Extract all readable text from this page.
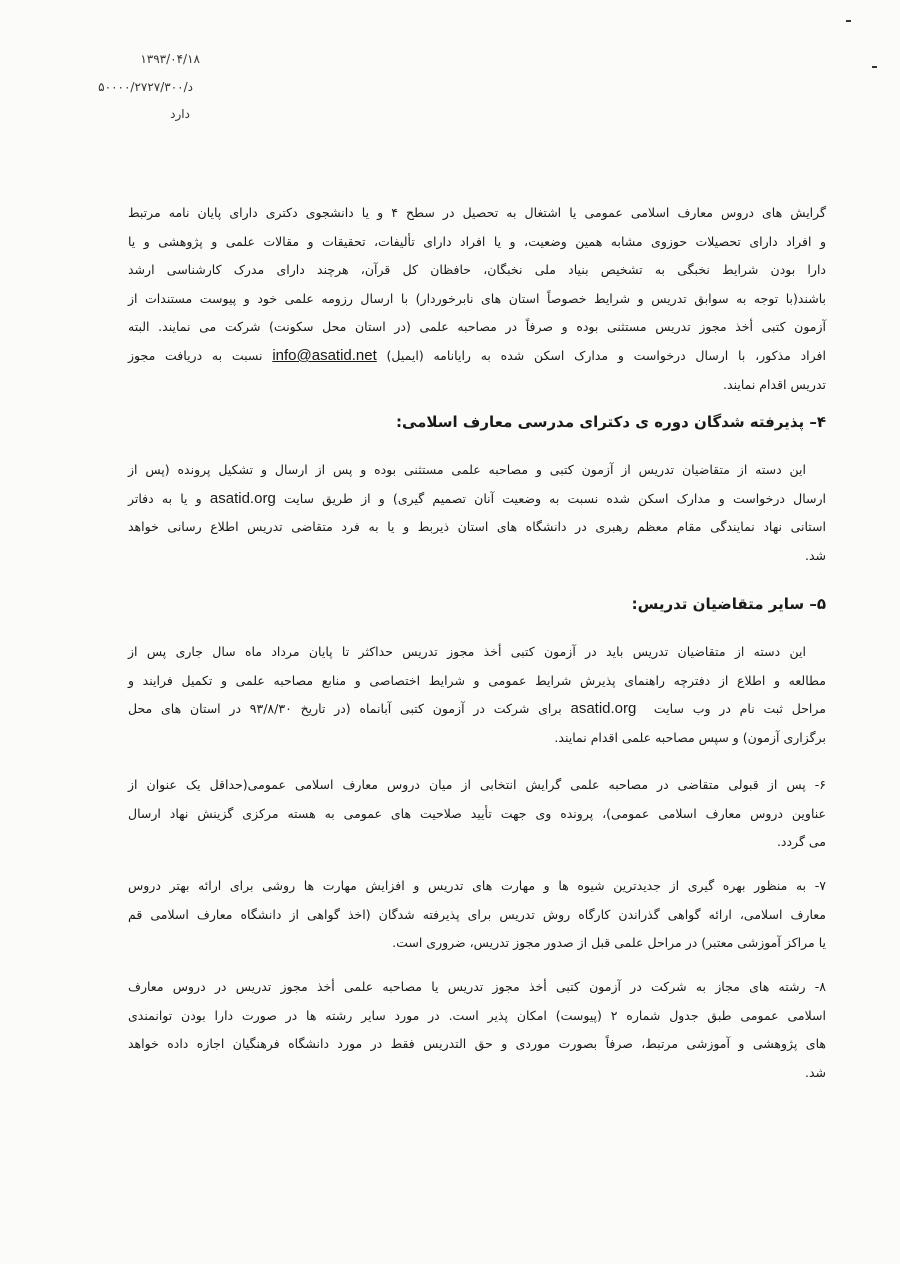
۱۳۹۳/۰۴/۱۸
د/۵۰۰۰۰/۲۷۲۷/۳۰۰
دارد
گرایش های دروس معارف اسلامی عمومی یا اشتغال به تحصیل در سطح ۴ و یا دانشجوی دکتری دارای پایان نامه مرتبط
و افراد دارای تحصیلات حوزوی مشابه همین وضعیت، و یا افراد دارای تألیفات، تحقیقات و مقالات علمی و پژوهشی و یا
دارا بودن شرایط نخبگی به تشخیص بنیاد ملی نخبگان، حافظان کل قرآن، هرچند دارای مدرک کارشناسی ارشد
باشند(با توجه به سوابق تدریس و شرایط خصوصاً استان های نابرخوردار) با ارسال رزومه علمی خود و پیوست مستندات از
آزمون کتبی أخذ مجوز تدریس مستثنی بوده و صرفاً در مصاحبه علمی (در استان محل سکونت) شرکت می نمایند. البته
افراد مذکور، با ارسال درخواست و مدارک اسکن شده به رایانامه (ایمیل) info@asatid.net نسبت به دریافت مجوز
تدریس اقدام نمایند.
۴– پذیرفته شدگان دوره ی دکترای مدرسی معارف اسلامی:
این دسته از متقاضیان تدریس از آزمون کتبی و مصاحبه علمی مستثنی بوده و پس از ارسال و تشکیل پرونده (پس از
ارسال درخواست و مدارک اسکن شده نسبت به وضعیت آنان تصمیم گیری) و از طریق سایت asatid.org و یا به دفاتر
استانی نهاد نمایندگی مقام معظم رهبری در دانشگاه های استان ذیربط و یا به فرد متقاضی تدریس اطلاع رسانی خواهد
شد.
۵– سایر متقاضیان تدریس:
این دسته از متقاضیان تدریس باید در آزمون کتبی أخذ مجوز تدریس حداکثر تا پایان مرداد ماه سال جاری پس از
مطالعه و اطلاع از دفترچه راهنمای پذیرش شرایط عمومی و شرایط اختصاصی و منابع مصاحبه علمی و تکمیل فرایند و
مراحل ثبت نام در وب سایت  asatid.org برای شرکت در آزمون کتبی آبانماه (در تاریخ ۹۳/۸/۳۰ در استان های محل
برگزاری آزمون) و سپس مصاحبه علمی اقدام نمایند.
۶- پس از قبولی متقاضی در مصاحبه علمی گرایش انتخابی از میان دروس معارف اسلامی عمومی(حداقل یک عنوان از
عناوین دروس معارف اسلامی عمومی)، پرونده وی جهت تأیید صلاحیت های عمومی به هسته مرکزی گزینش نهاد ارسال
می گردد.
۷- به منظور بهره گیری از جدیدترین شیوه ها و مهارت های تدریس و افزایش مهارت ها روشی برای ارائه بهتر دروس
معارف اسلامی، ارائه گواهی گذراندن کارگاه روش تدریس برای پذیرفته شدگان (اخذ گواهی از دانشگاه معارف اسلامی قم
یا مراکز آموزشی معتبر) در مراحل علمی قبل از صدور مجوز تدریس، ضروری است.
۸- رشته های مجاز به شرکت در آزمون کتبی أخذ مجوز تدریس یا مصاحبه علمی أخذ مجوز تدریس در دروس معارف
اسلامی عمومی طبق جدول شماره ۲ (پیوست) امکان پذیر است. در مورد سایر رشته ها در صورت دارا بودن توانمندی
های پژوهشی و آموزشی مرتبط، صرفاً بصورت موردی و حق التدریس فقط در مورد دانشگاه فرهنگیان اجازه داده خواهد
شد.
